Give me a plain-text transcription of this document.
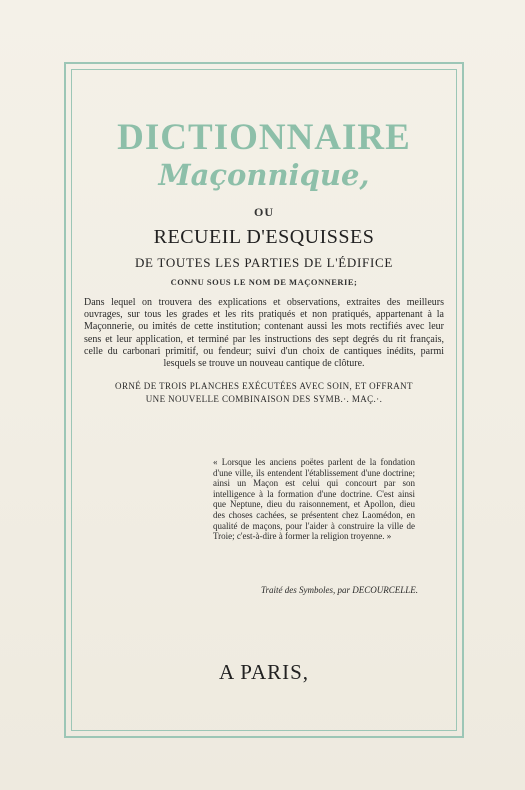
DICTIONNAIRE
Maçonnique,
OU
RECUEIL D'ESQUISSES
DE TOUTES LES PARTIES DE L'ÉDIFICE
CONNU SOUS LE NOM DE MAÇONNERIE;
Dans lequel on trouvera des explications et observations, extraites des meilleurs ouvrages, sur tous les grades et les rits pratiqués et non pratiqués, appartenant à la Maçonnerie, ou imités de cette institution; contenant aussi les mots rectifiés avec leur sens et leur application, et terminé par les instructions des sept degrés du rit français, celle du carbonari primitif, ou fendeur; suivi d'un choix de cantiques inédits, parmi lesquels se trouve un nouveau cantique de clôture.
ORNÉ DE TROIS PLANCHES EXÉCUTÉES AVEC SOIN, ET OFFRANT
UNE NOUVELLE COMBINAISON DES SYMB.·. MAÇ.·.
« Lorsque les anciens poëtes parlent de la fondation d'une ville, ils entendent l'établissement d'une doctrine; ainsi un Maçon est celui qui concourt par son intelligence à la formation d'une doctrine. C'est ainsi que Neptune, dieu du raisonnement, et Apollon, dieu des choses cachées, se présentent chez Laomédon, en qualité de maçons, pour l'aider à construire la ville de Troie; c'est-à-dire à former la religion troyenne. »
Traité des Symboles, par DECOURCELLE.
A PARIS,
